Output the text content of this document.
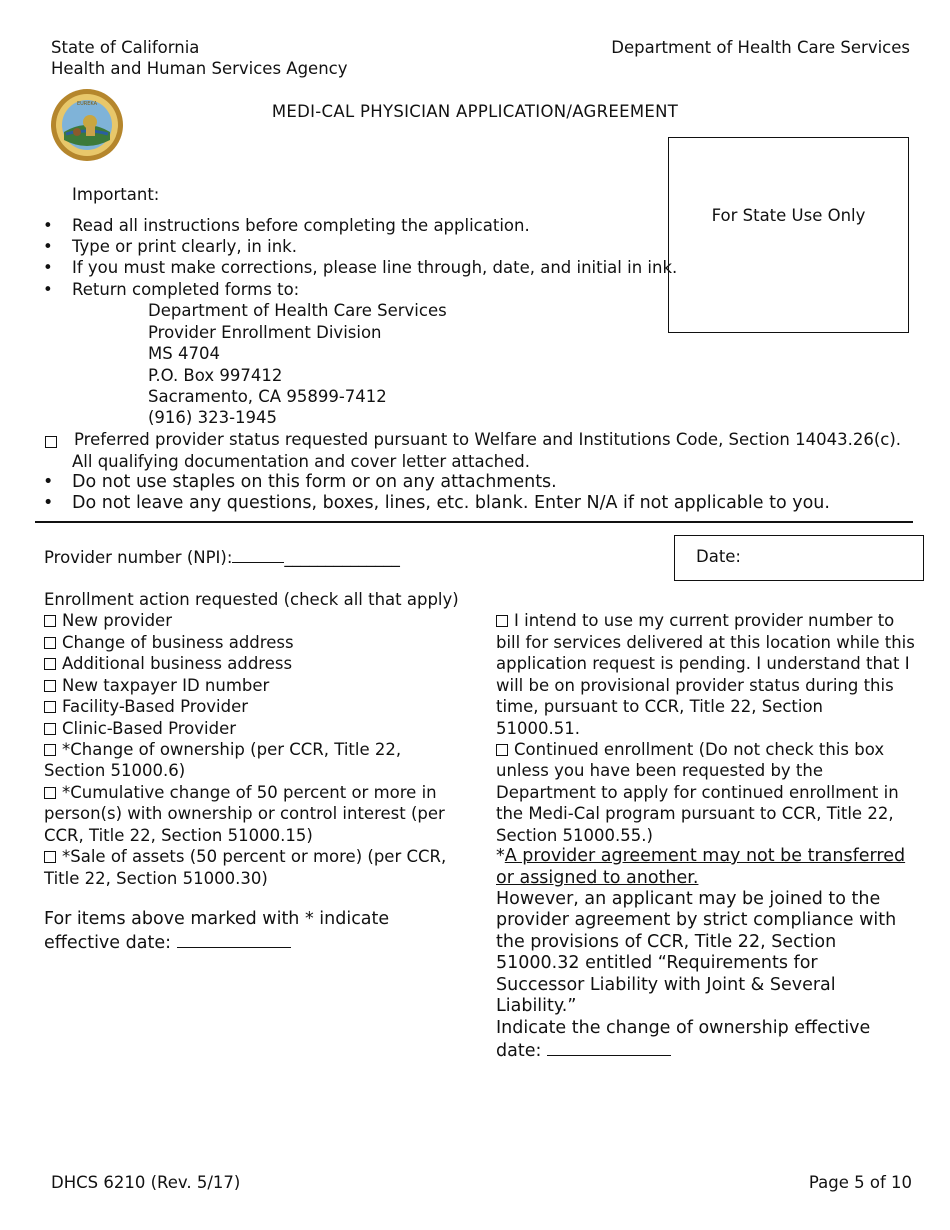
State of California
Health and Human Services Agency
Department of Health Care Services
EUREKA	MEDI-CAL PHYSICIAN APPLICATION/AGREEMENT
For State Use Only
Important:
• Read all instructions before completing the application.
• Type or print clearly, in ink.
• If you must make corrections, please line through, date, and initial in ink.
• Return completed forms to:
Department of Health Care Services
Provider Enrollment Division
MS 4704
P.O. Box 997412
Sacramento, CA 95899-7412
(916) 323-1945
Preferred provider status requested pursuant to Welfare and Institutions Code, Section 14043.26(c).
All qualifying documentation and cover letter attached.
• Do not use staples on this form or on any attachments.
• Do not leave any questions, boxes, lines, etc. blank. Enter N/A if not applicable to you.
Provider number (NPI):	______________	Date:
Enrollment action requested (check all that apply)
New provider
Change of business address
Additional business address
New taxpayer ID number
Facility-Based Provider
Clinic-Based Provider
*Change of ownership (per CCR, Title 22,
Section 51000.6)
*Cumulative change of 50 percent or more in
person(s) with ownership or control interest (per
CCR, Title 22, Section 51000.15)
*Sale of assets (50 percent or more) (per CCR,
Title 22, Section 51000.30)
For items above marked with * indicate
effective date:
I intend to use my current provider number to
bill for services delivered at this location while this
application request is pending. I understand that I
will be on provisional provider status during this
time, pursuant to CCR, Title 22, Section
51000.51.
Continued enrollment (Do not check this box
unless you have been requested by the
Department to apply for continued enrollment in
the Medi-Cal program pursuant to CCR, Title 22,
Section 51000.55.)
*A provider agreement may not be transferred
or assigned to another.
However, an applicant may be joined to the
provider agreement by strict compliance with
the provisions of CCR, Title 22, Section
51000.32 entitled “Requirements for
Successor Liability with Joint & Several
Liability.”
Indicate the change of ownership effective
date:
DHCS 6210 (Rev. 5/17)	Page 5 of 10
